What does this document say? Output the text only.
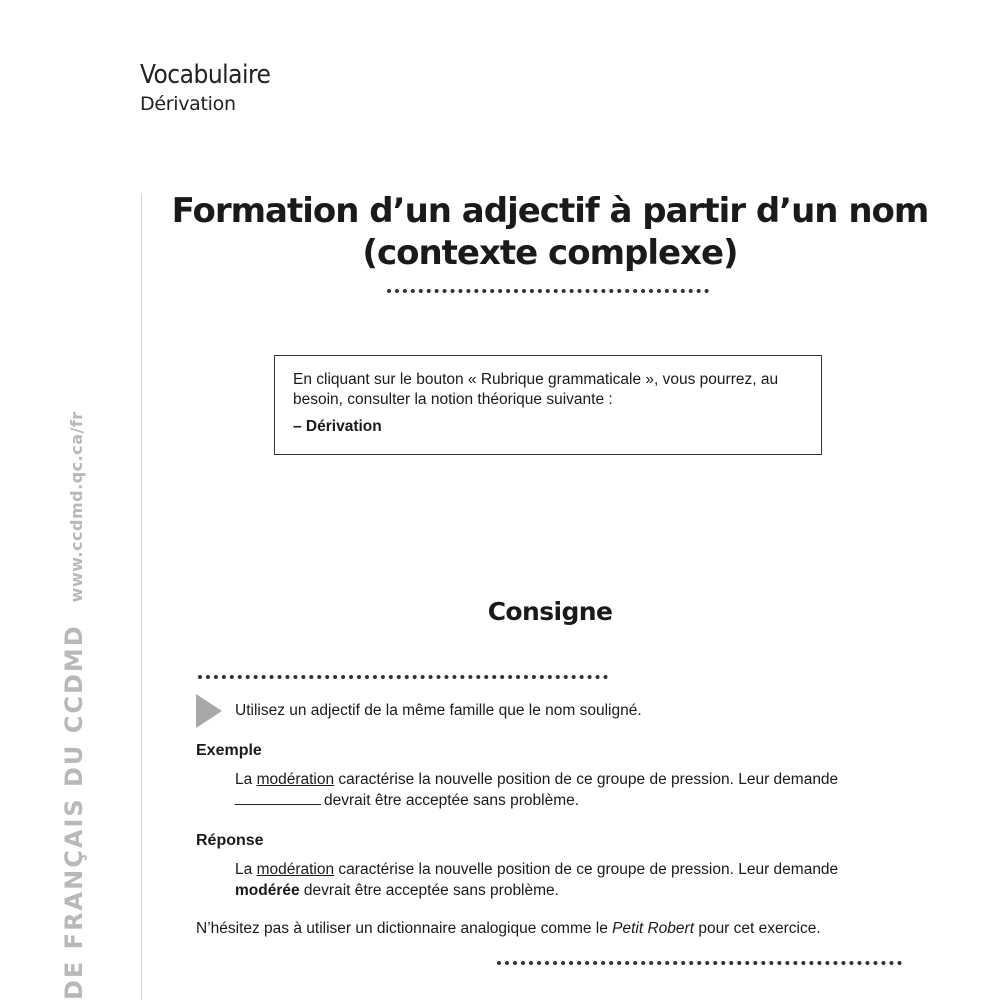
Vocabulaire
Dérivation
DE FRANÇAIS DU CCDMDwww.ccdmd.qc.ca/fr
Formation d’un adjectif à partir d’un nom
(contexte complexe)
En cliquant sur le bouton « Rubrique grammaticale », vous pourrez, au besoin, consulter la notion théorique suivante :
– Dérivation
Consigne
Utilisez un adjectif de la même famille que le nom souligné.
Exemple
La modération caractérise la nouvelle position de ce groupe de pression. Leur demande
devrait être acceptée sans problème.
Réponse
La modération caractérise la nouvelle position de ce groupe de pression. Leur demande
modérée devrait être acceptée sans problème.
N’hésitez pas à utiliser un dictionnaire analogique comme le Petit Robert pour cet exercice.
